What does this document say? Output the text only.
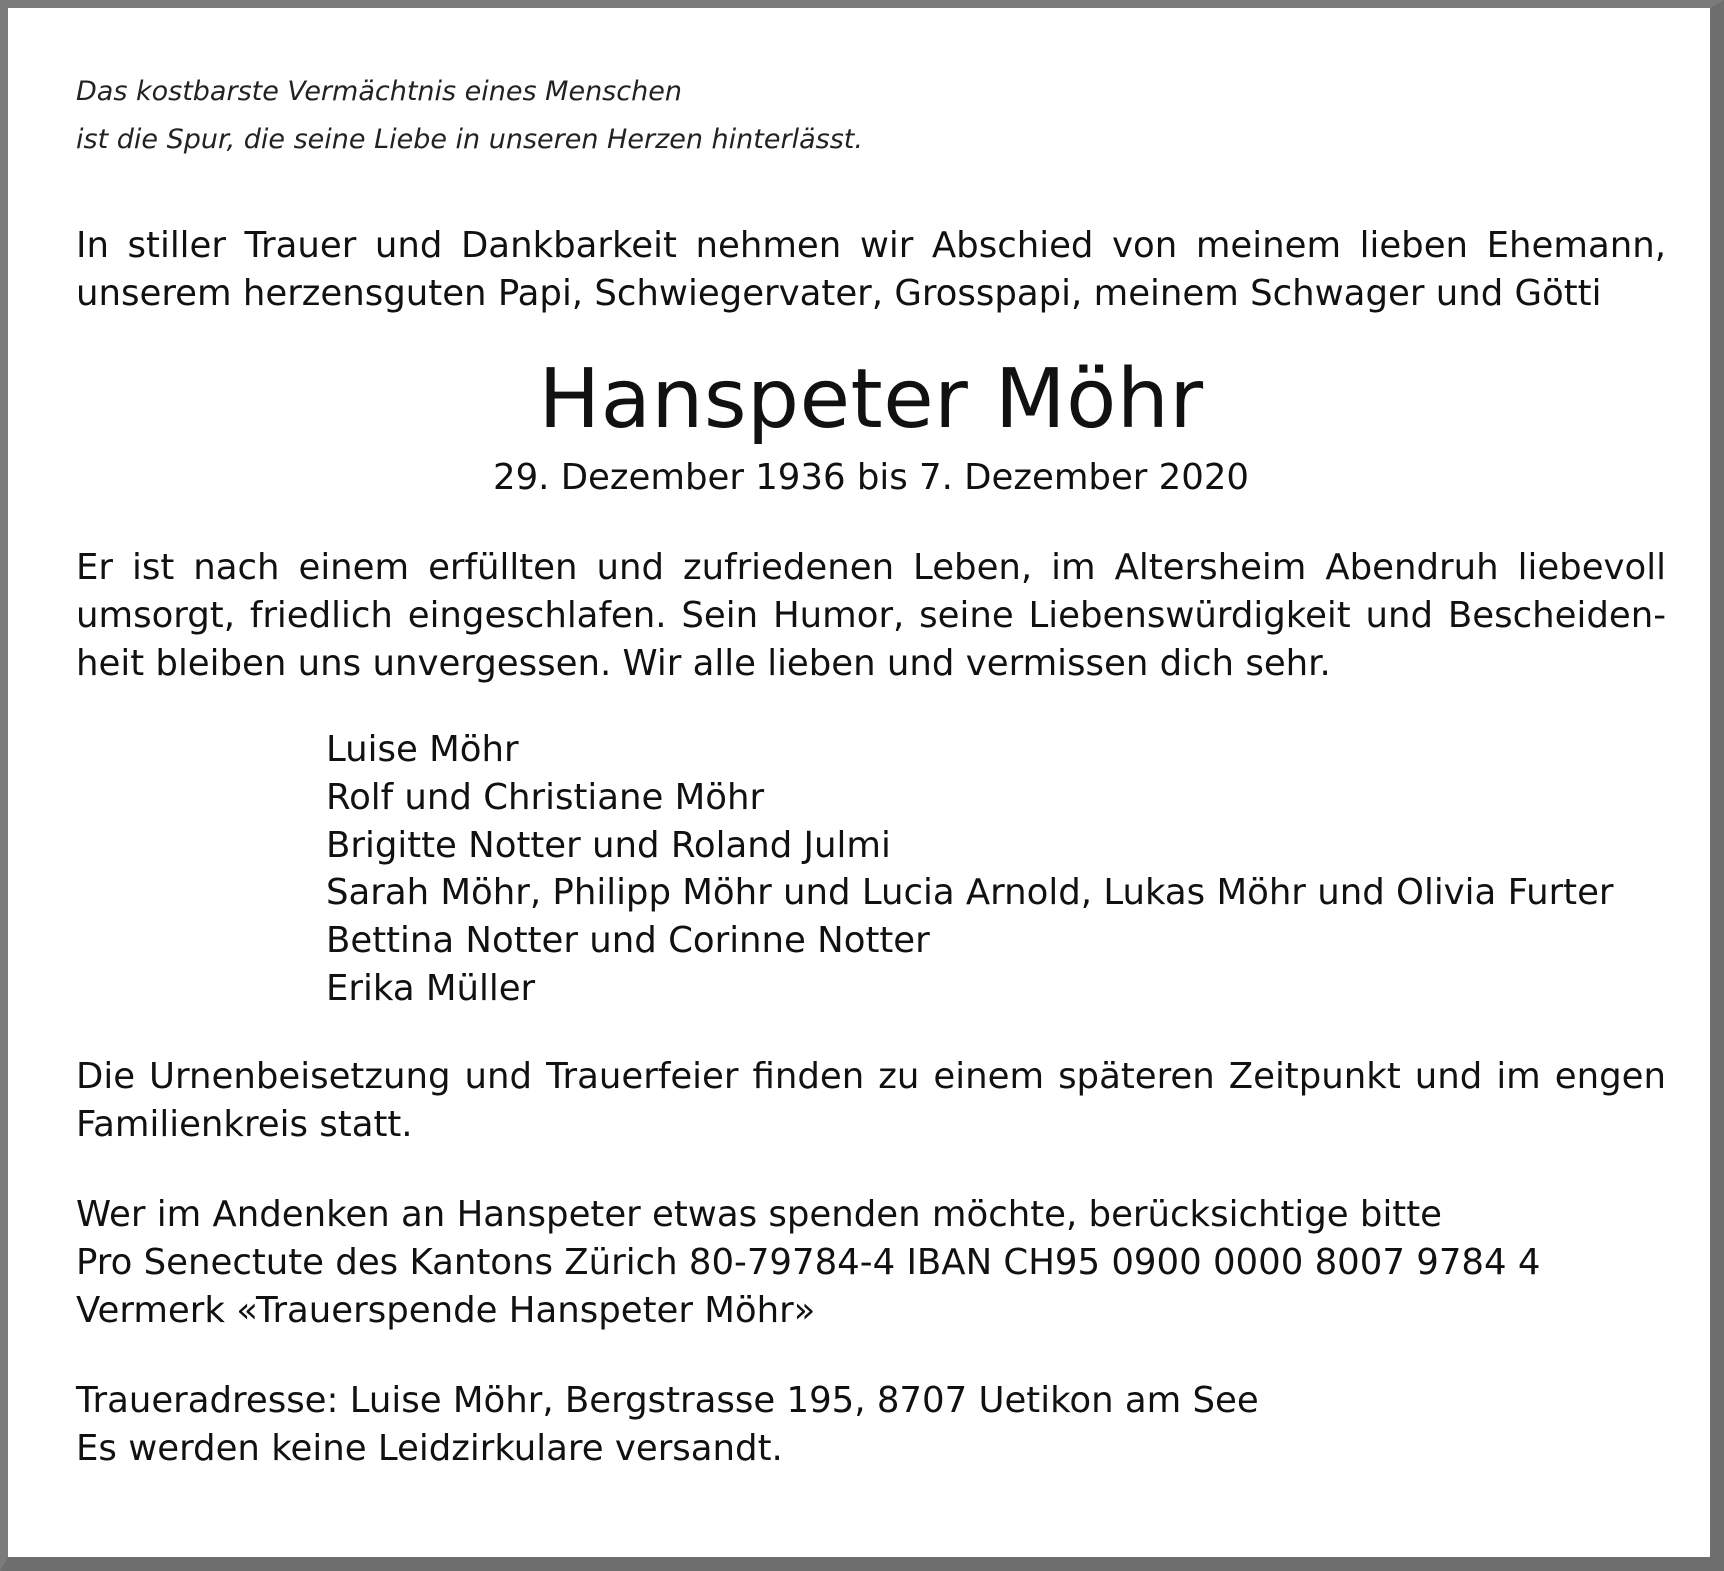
Das kostbarste Vermächtnis eines Menschen
ist die Spur, die seine Liebe in unseren Herzen hinterlässt.
In stiller Trauer und Dankbarkeit nehmen wir Abschied von meinem lieben Ehemann,
unserem herzensguten Papi, Schwiegervater, Grosspapi, meinem Schwager und Götti
Hanspeter Möhr
29. Dezember 1936 bis 7. Dezember 2020
Er ist nach einem erfüllten und zufriedenen Leben, im Altersheim Abendruh liebevoll
umsorgt, friedlich eingeschlafen. Sein Humor, seine Liebenswürdigkeit und Bescheiden-
heit bleiben uns unvergessen. Wir alle lieben und vermissen dich sehr.
Luise Möhr
Rolf und Christiane Möhr
Brigitte Notter und Roland Julmi
Sarah Möhr, Philipp Möhr und Lucia Arnold, Lukas Möhr und Olivia Furter
Bettina Notter und Corinne Notter
Erika Müller
Die Urnenbeisetzung und Trauerfeier finden zu einem späteren Zeitpunkt und im engen
Familienkreis statt.
Wer im Andenken an Hanspeter etwas spenden möchte, berücksichtige bitte
Pro Senectute des Kantons Zürich 80-79784-4 IBAN CH95 0900 0000 8007 9784 4
Vermerk «Trauerspende Hanspeter Möhr»
Traueradresse: Luise Möhr, Bergstrasse 195, 8707 Uetikon am See
Es werden keine Leidzirkulare versandt.
